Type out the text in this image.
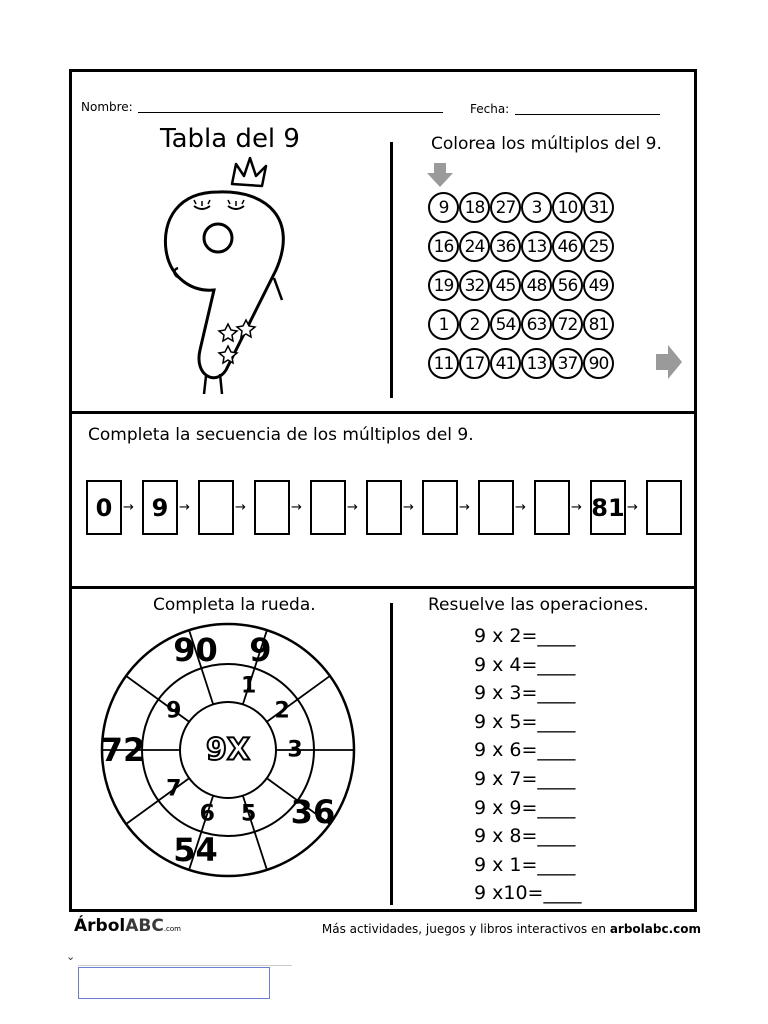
Nombre:	Fecha:
Tabla del 9	Colorea los múltiplos del 9.
9 18 27 3 10 31
16 24 36 13 46 25
19 32 45 48 56 49
1	2 54 63 72 81
11 17 41 13 37 90
Completa la secuencia de los múltiplos del 9.
0 → 9 →	→	→	→	→	→	→	→ 81 →
Completa la rueda.
9X
1
2
3
5
6
7
9
90 9
72
36
54
Resuelve las operaciones.
9 x 2=____
9 x 4=____
9 x 3=____
9 x 5=____
9 x 6=____
9 x 7=____
9 x 9=____
9 x 8=____
9 x 1=____
9 x10=____
ÁrbolABC.com	Más actividades, juegos y libros interactivos en arbolabc.com
⌄
